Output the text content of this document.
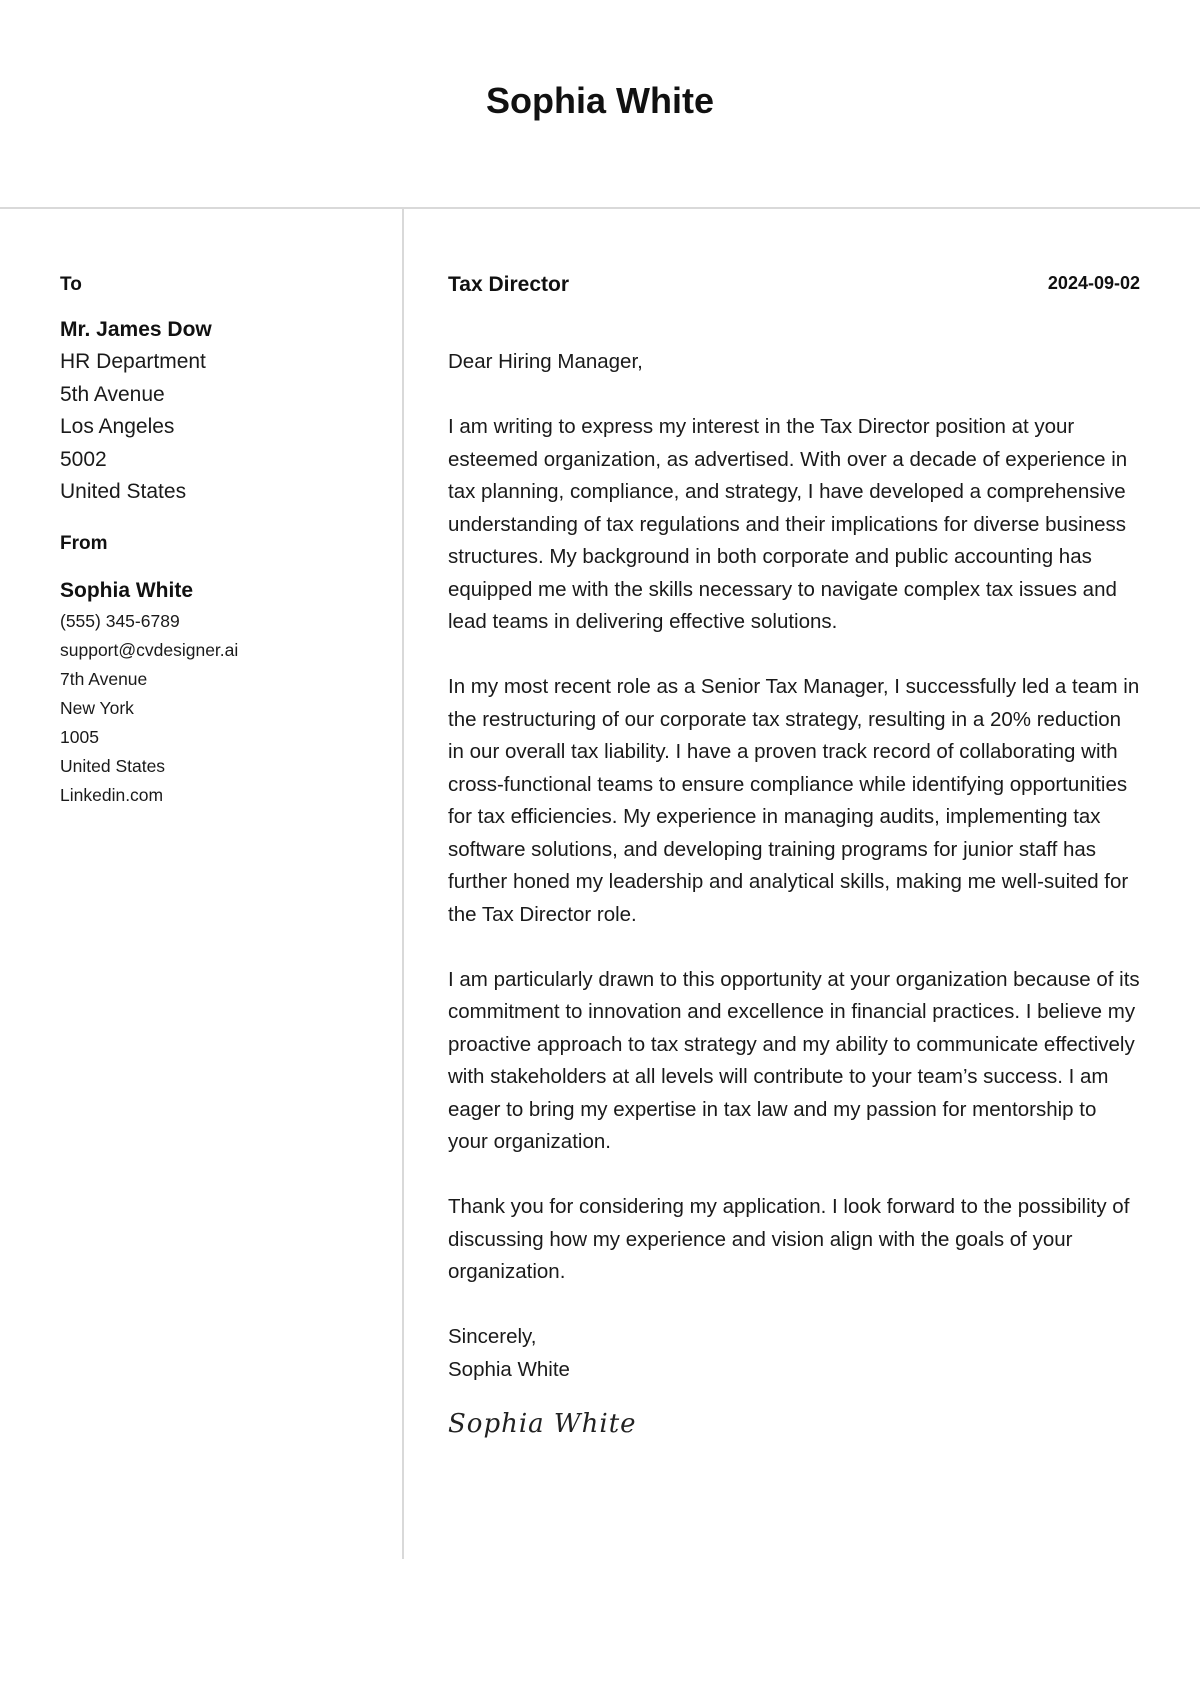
Sophia White
To
Mr. James Dow
HR Department
5th Avenue
Los Angeles
5002
United States
From
Sophia White
(555) 345-6789
support@cvdesigner.ai
7th Avenue
New York
1005
United States
Linkedin.com
Tax Director	2024-09-02
Dear Hiring Manager,
I am writing to express my interest in the Tax Director position at your esteemed organization, as advertised. With over a decade of experience in tax planning, compliance, and strategy, I have developed a comprehensive understanding of tax regulations and their implications for diverse business structures. My background in both corporate and public accounting has equipped me with the skills necessary to navigate complex tax issues and lead teams in delivering effective solutions.
In my most recent role as a Senior Tax Manager, I successfully led a team in the restructuring of our corporate tax strategy, resulting in a 20% reduction in our overall tax liability. I have a proven track record of collaborating with cross-functional teams to ensure compliance while identifying opportunities for tax efficiencies. My experience in managing audits, implementing tax software solutions, and developing training programs for junior staff has further honed my leadership and analytical skills, making me well-suited for the Tax Director role.
I am particularly drawn to this opportunity at your organization because of its commitment to innovation and excellence in financial practices. I believe my proactive approach to tax strategy and my ability to communicate effectively with stakeholders at all levels will contribute to your team’s success. I am eager to bring my expertise in tax law and my passion for mentorship to your organization.
Thank you for considering my application. I look forward to the possibility of discussing how my experience and vision align with the goals of your organization.
Sincerely,
Sophia White
Sophia White
